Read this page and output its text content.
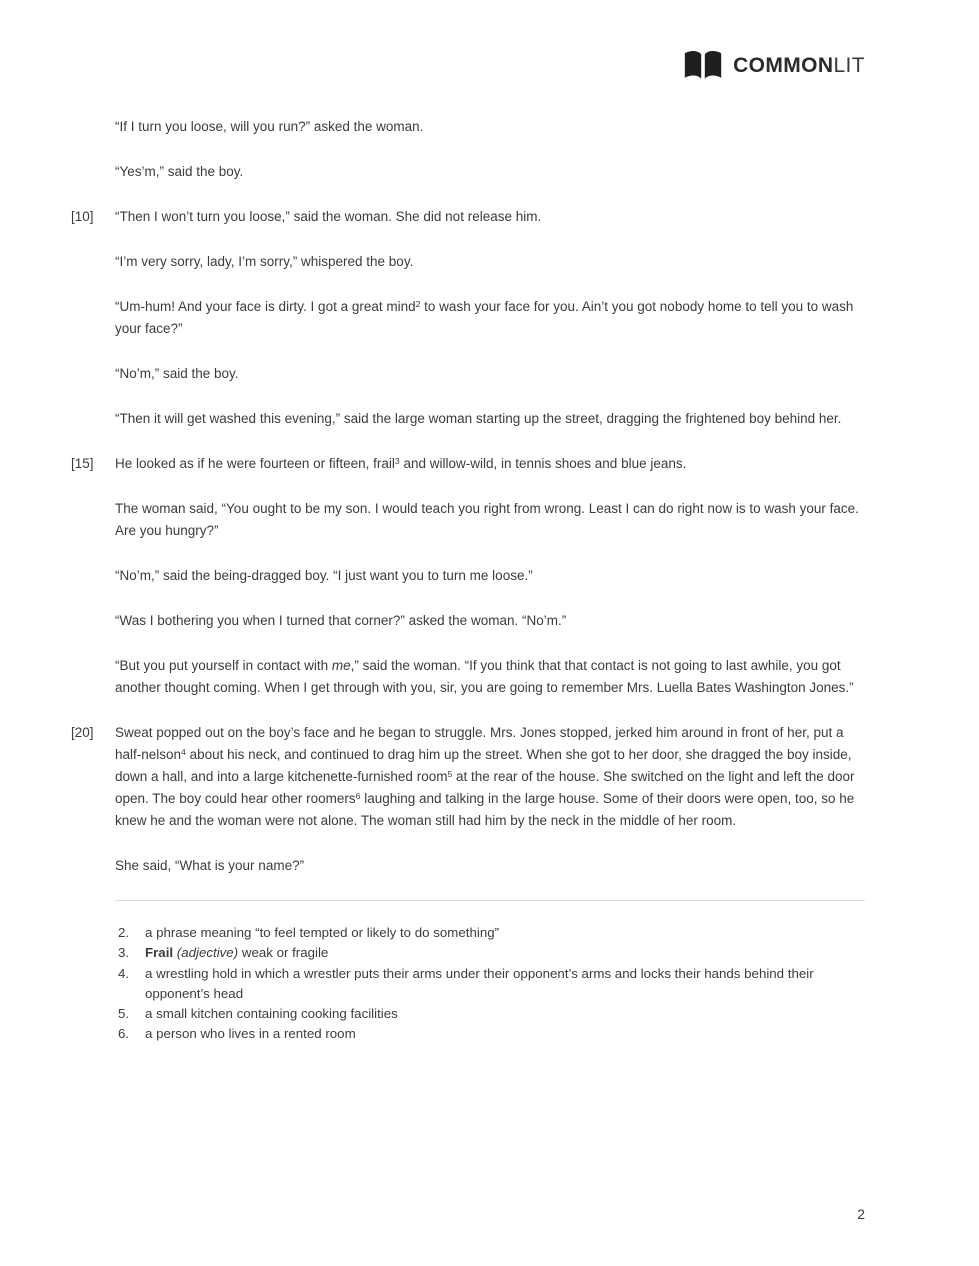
COMMONLIT

“If I turn you loose, will you run?” asked the woman.

“Yes’m,” said the boy.

[10] “Then I won’t turn you loose,” said the woman. She did not release him.

“I’m very sorry, lady, I’m sorry,” whispered the boy.

“Um-hum! And your face is dirty. I got a great mind$^2$ to wash your face for you. Ain’t you got nobody home to tell you to wash your face?”

“No’m,” said the boy.

“Then it will get washed this evening,” said the large woman starting up the street, dragging the frightened boy behind her.

[15] He looked as if he were fourteen or fifteen, frail$^3$ and willow-wild, in tennis shoes and blue jeans.

The woman said, “You ought to be my son. I would teach you right from wrong. Least I can do right now is to wash your face. Are you hungry?”

“No’m,” said the being-dragged boy. “I just want you to turn me loose.”

“Was I bothering you when I turned that corner?” asked the woman. “No’m.”

“But you put yourself in contact with me,” said the woman. “If you think that that contact is not going to last awhile, you got another thought coming. When I get through with you, sir, you are going to remember Mrs. Luella Bates Washington Jones.”

[20] Sweat popped out on the boy’s face and he began to struggle. Mrs. Jones stopped, jerked him around in front of her, put a half-nelson$^4$ about his neck, and continued to drag him up the street. When she got to her door, she dragged the boy inside, down a hall, and into a large kitchenette-furnished room$^5$ at the rear of the house. She switched on the light and left the door open. The boy could hear other roomers$^6$ laughing and talking in the large house. Some of their doors were open, too, so he knew he and the woman were not alone. The woman still had him by the neck in the middle of her room.

She said, “What is your name?”

2.	a phrase meaning “to feel tempted or likely to do something”

3.	Frail (adjective) weak or fragile

4.	a wrestling hold in which a wrestler puts their arms under their opponent’s arms and locks their hands behind their opponent’s head

5.	a small kitchen containing cooking facilities

6.	a person who lives in a rented room

2
